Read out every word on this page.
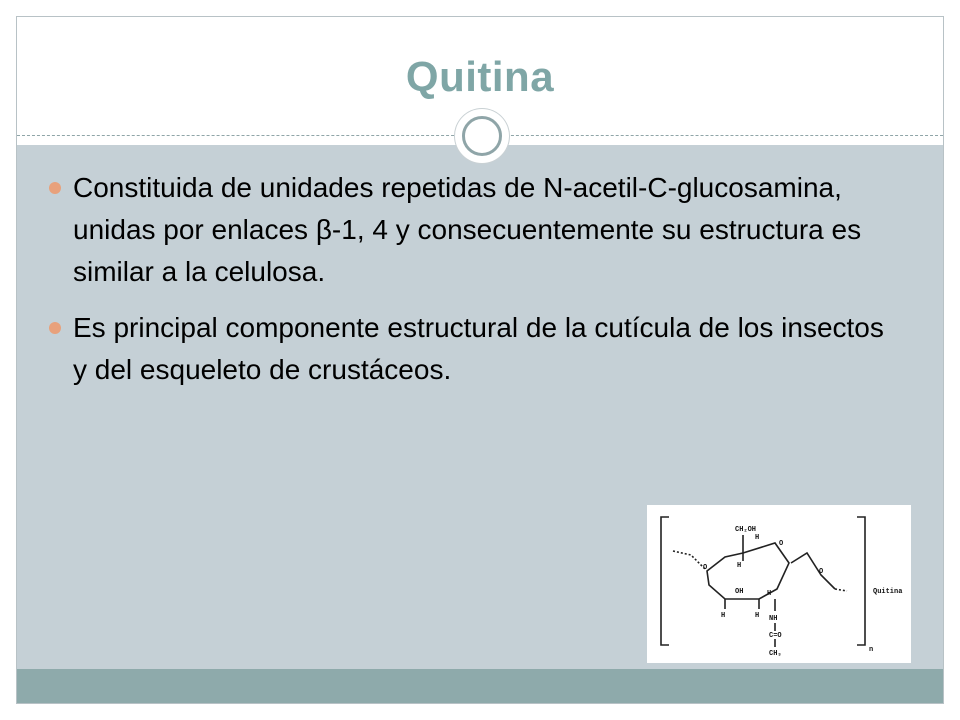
Quitina
Constituida de unidades repetidas de N-acetil-C-glucosamina, unidas por enlaces β-1, 4 y consecuentemente su estructura es similar a la celulosa.
Es principal componente estructural de la cutícula de los insectos y del esqueleto de crustáceos.
CH₂OH
H
H
O
OH	H
H	H
O	O
NH
C=O
CH₃	n
Quitina
